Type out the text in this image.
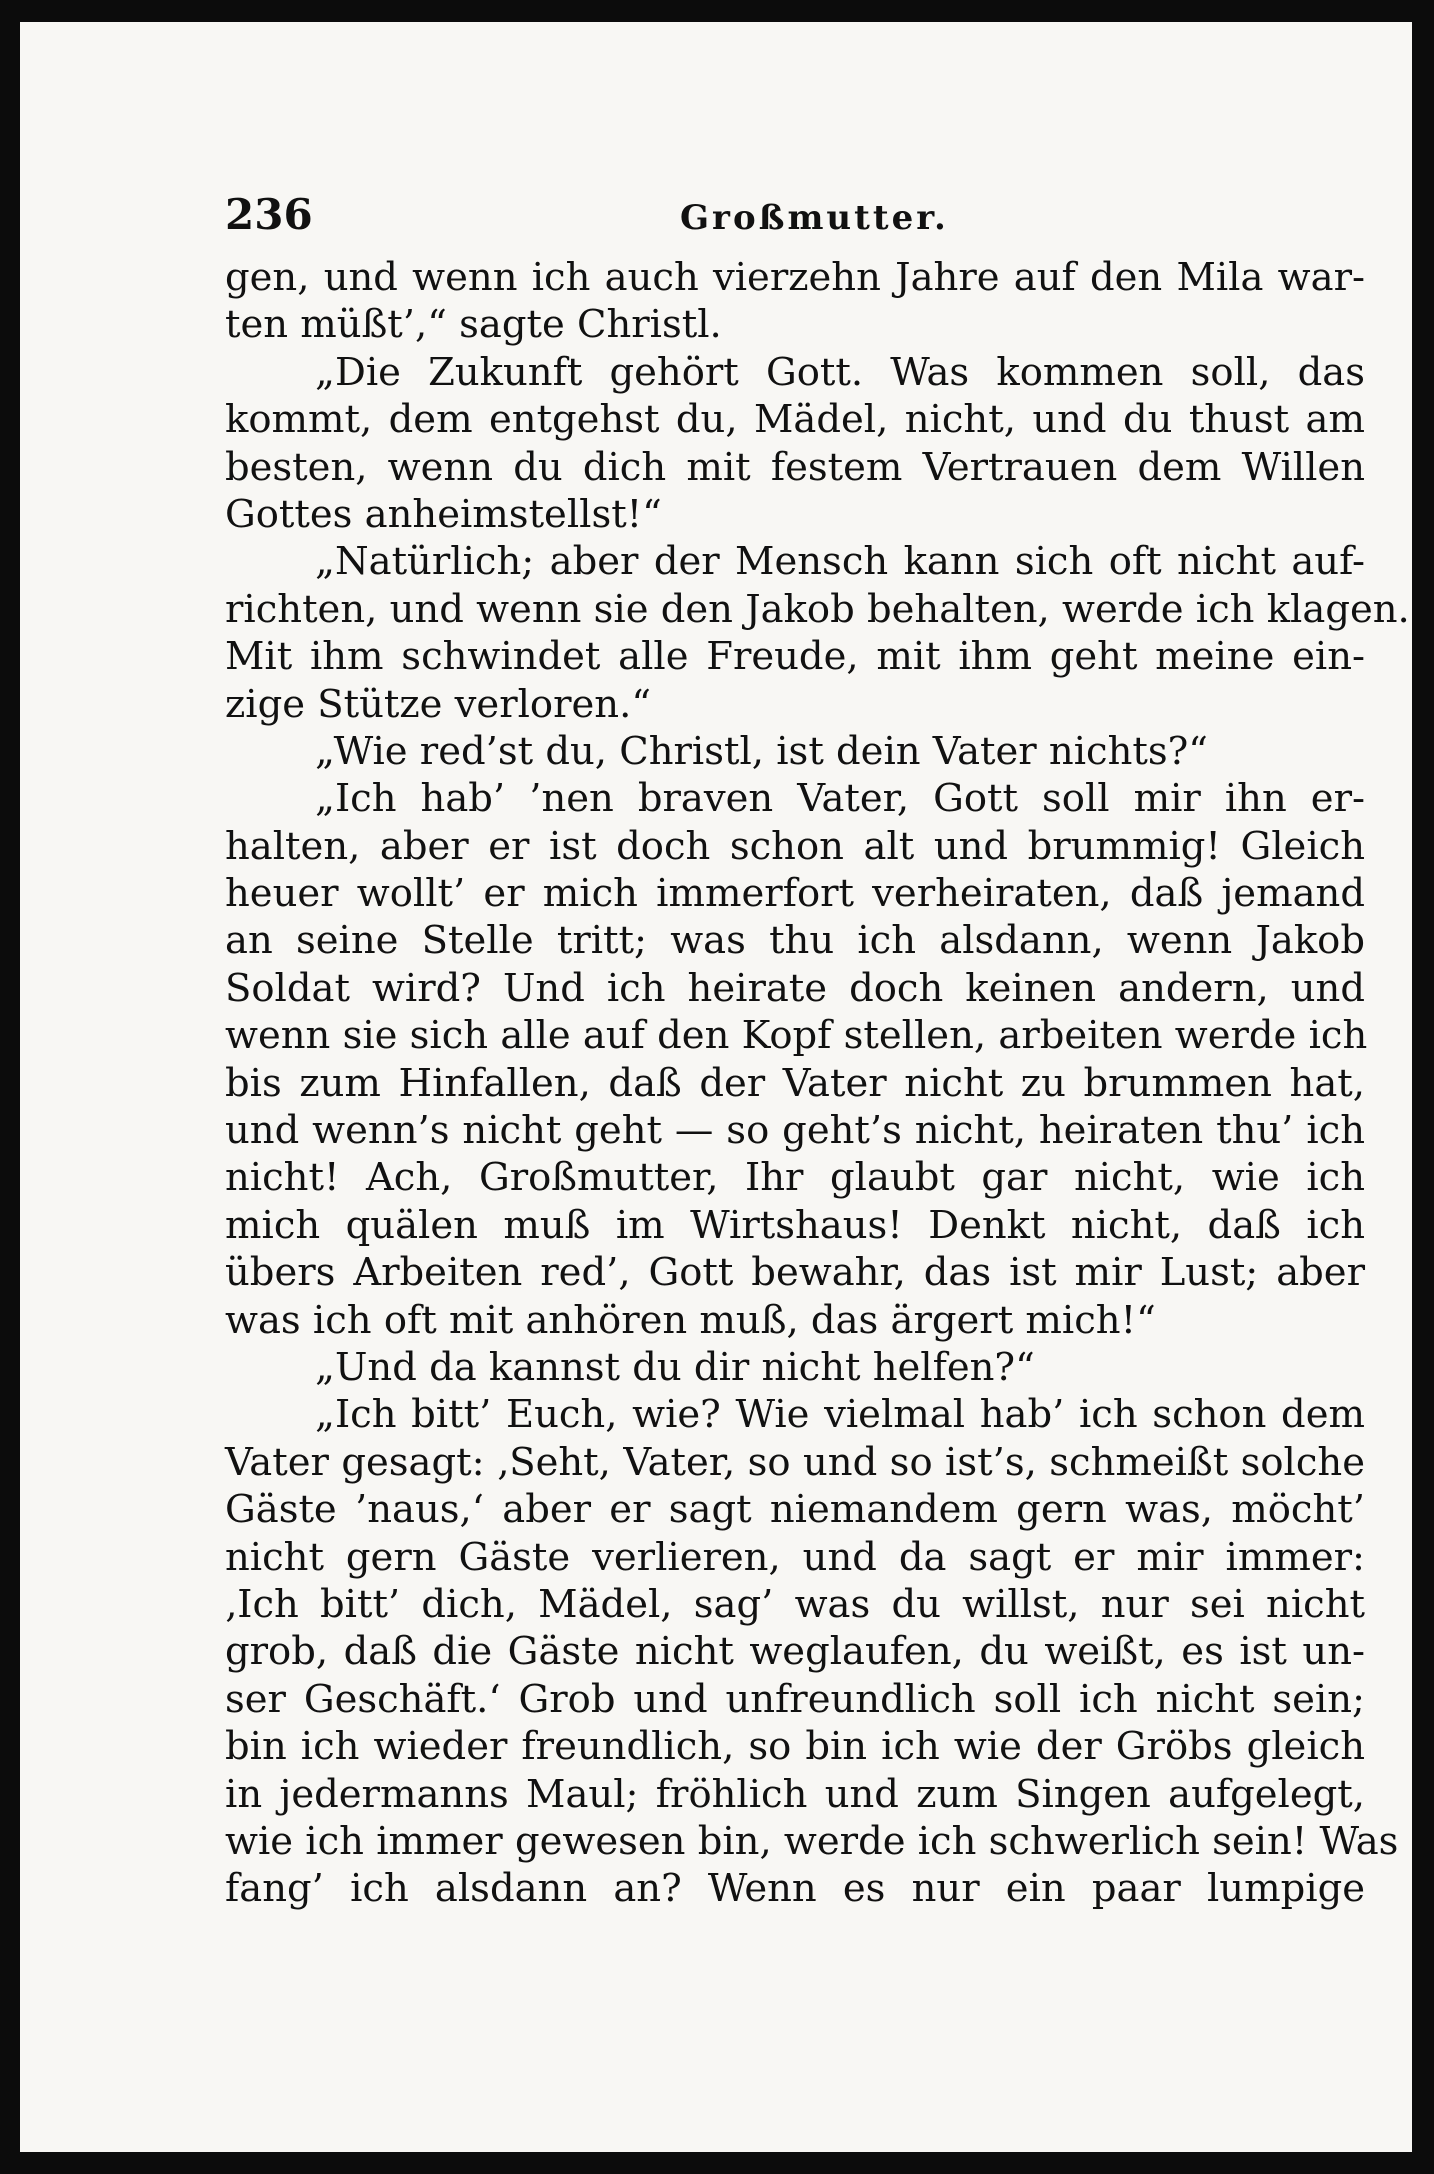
236	Großmutter.
gen, und wenn ich auch vierzehn Jahre auf den Mila war-
ten müßt’,“ sagte Christl.
„Die Zukunft gehört Gott. Was kommen soll, das
kommt, dem entgehst du, Mädel, nicht, und du thust am
besten, wenn du dich mit festem Vertrauen dem Willen
Gottes anheimstellst!“
„Natürlich; aber der Mensch kann sich oft nicht auf-
richten, und wenn sie den Jakob behalten, werde ich klagen.
Mit ihm schwindet alle Freude, mit ihm geht meine ein-
zige Stütze verloren.“
„Wie red’st du, Christl, ist dein Vater nichts?“
„Ich hab’ ’nen braven Vater, Gott soll mir ihn er-
halten, aber er ist doch schon alt und brummig! Gleich
heuer wollt’ er mich immerfort verheiraten, daß jemand
an seine Stelle tritt; was thu ich alsdann, wenn Jakob
Soldat wird? Und ich heirate doch keinen andern, und
wenn sie sich alle auf den Kopf stellen, arbeiten werde ich
bis zum Hinfallen, daß der Vater nicht zu brummen hat,
und wenn’s nicht geht — so geht’s nicht, heiraten thu’ ich
nicht! Ach, Großmutter, Ihr glaubt gar nicht, wie ich
mich quälen muß im Wirtshaus! Denkt nicht, daß ich
übers Arbeiten red’, Gott bewahr, das ist mir Lust; aber
was ich oft mit anhören muß, das ärgert mich!“
„Und da kannst du dir nicht helfen?“
„Ich bitt’ Euch, wie? Wie vielmal hab’ ich schon dem
Vater gesagt: ‚Seht, Vater, so und so ist’s, schmeißt solche
Gäste ’naus,‘ aber er sagt niemandem gern was, möcht’
nicht gern Gäste verlieren, und da sagt er mir immer:
‚Ich bitt’ dich, Mädel, sag’ was du willst, nur sei nicht
grob, daß die Gäste nicht weglaufen, du weißt, es ist un-
ser Geschäft.‘ Grob und unfreundlich soll ich nicht sein;
bin ich wieder freundlich, so bin ich wie der Gröbs gleich
in jedermanns Maul; fröhlich und zum Singen aufgelegt,
wie ich immer gewesen bin, werde ich schwerlich sein! Was
fang’ ich alsdann an? Wenn es nur ein paar lumpige
